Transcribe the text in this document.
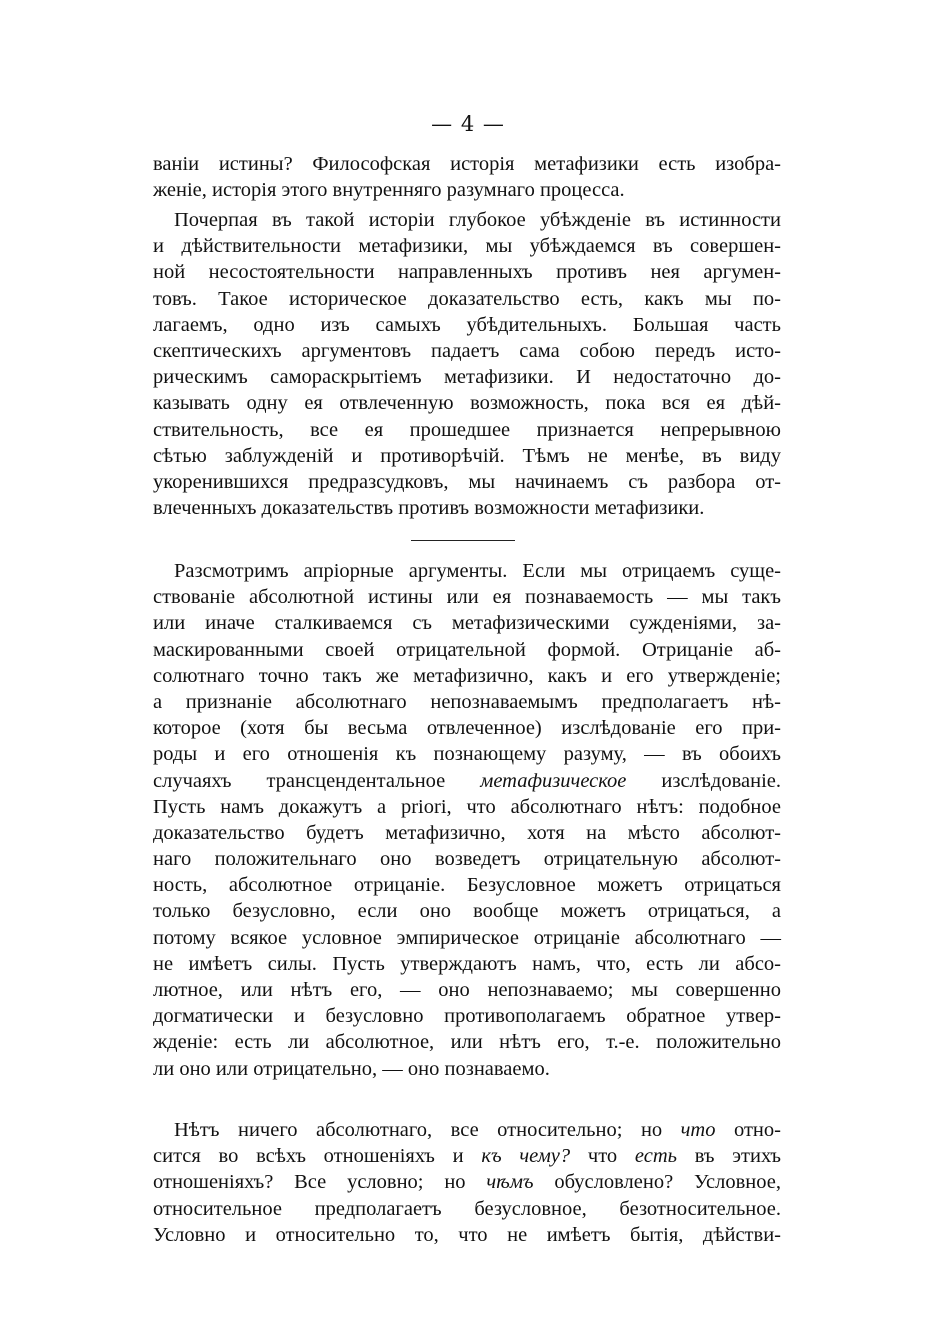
— 4 —
ваніи истины? Философская исторія метафизики есть изобра-
женіе, исторія этого внутренняго разумнаго процесса.
Почерпая въ такой исторіи глубокое убѣжденіе въ истинности
и дѣйствительности метафизики, мы убѣждаемся въ совершен-
ной несостоятельности направленныхъ противъ нея аргумен-
товъ. Такое историческое доказательство есть, какъ мы по-
лагаемъ, одно изъ самыхъ убѣдительныхъ. Большая часть
скептическихъ аргументовъ падаетъ сама собою передъ исто-
рическимъ самораскрытіемъ метафизики. И недостаточно до-
казывать одну ея отвлеченную возможность, пока вся ея дѣй-
ствительность, все ея прошедшее признается непрерывною
сѣтью заблужденій и противорѣчій. Тѣмъ не менѣе, въ виду
укоренившихся предразсудковъ, мы начинаемъ съ разбора от-
влеченныхъ доказательствъ противъ возможности метафизики.
Разсмотримъ апріорные аргументы. Если мы отрицаемъ суще-
ствованіе абсолютной истины или ея познаваемость — мы такъ
или иначе сталкиваемся съ метафизическими сужденіями, за-
маскированными своей отрицательной формой. Отрицаніе аб-
солютнаго точно такъ же метафизично, какъ и его утвержденіе;
а признаніе абсолютнаго непознаваемымъ предполагаетъ нѣ-
которое (хотя бы весьма отвлеченное) изслѣдованіе его при-
роды и его отношенія къ познающему разуму, — въ обоихъ
случаяхъ трансцендентальное метафизическое изслѣдованіе.
Пусть намъ докажутъ a priori, что абсолютнаго нѣтъ: подобное
доказательство будетъ метафизично, хотя на мѣсто абсолют-
наго положительнаго оно возведетъ отрицательную абсолют-
ность, абсолютное отрицаніе. Безусловное можетъ отрицаться
только безусловно, если оно вообще можетъ отрицаться, а
потому всякое условное эмпирическое отрицаніе абсолютнаго —
не имѣетъ силы. Пусть утверждаютъ намъ, что, есть ли абсо-
лютное, или нѣтъ его, — оно непознаваемо; мы совершенно
догматически и безусловно противополагаемъ обратное утвер-
жденіе: есть ли абсолютное, или нѣтъ его, т.-е. положительно
ли оно или отрицательно, — оно познаваемо.
Нѣтъ ничего абсолютнаго, все относительно; но что отно-
сится во всѣхъ отношеніяхъ и къ чему? что есть въ этихъ
отношеніяхъ? Все условно; но чѣмъ обусловлено? Условное,
относительное предполагаетъ безусловное, безотносительное.
Условно и относительно то, что не имѣетъ бытія, дѣйстви-
